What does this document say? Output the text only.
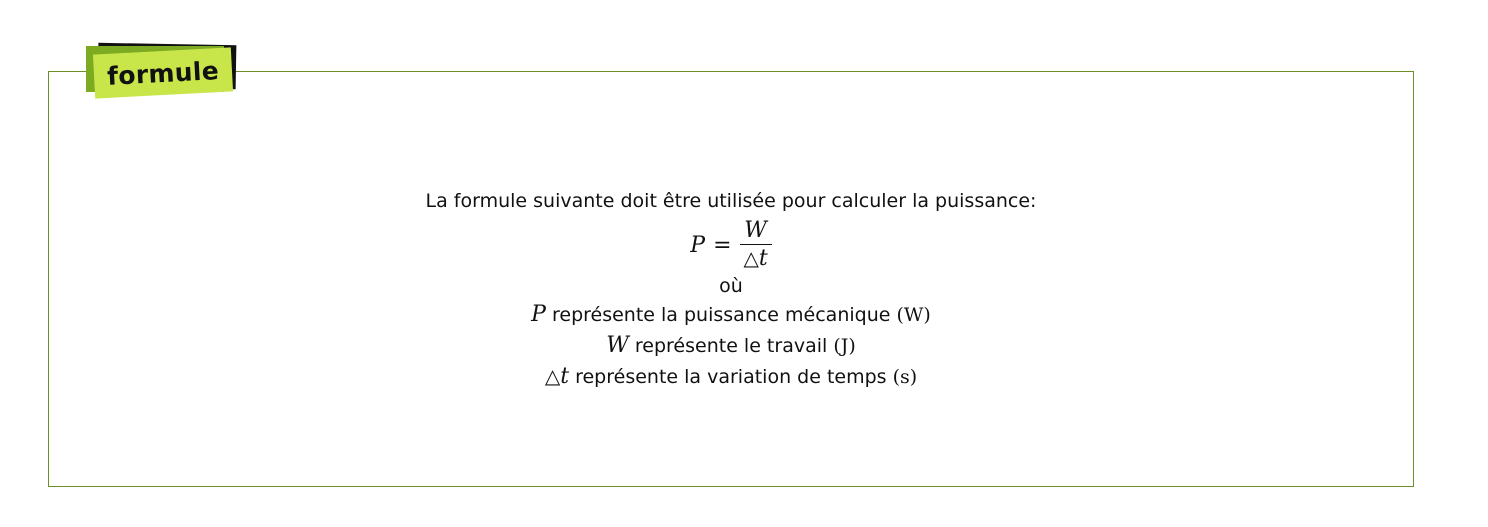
formule
La formule suivante doit être utilisée pour calculer la puissance:
$P = \frac{W}{\triangle t}$
où
P représente la puissance mécanique (W)
W représente le travail (J)
△t représente la variation de temps (s)
